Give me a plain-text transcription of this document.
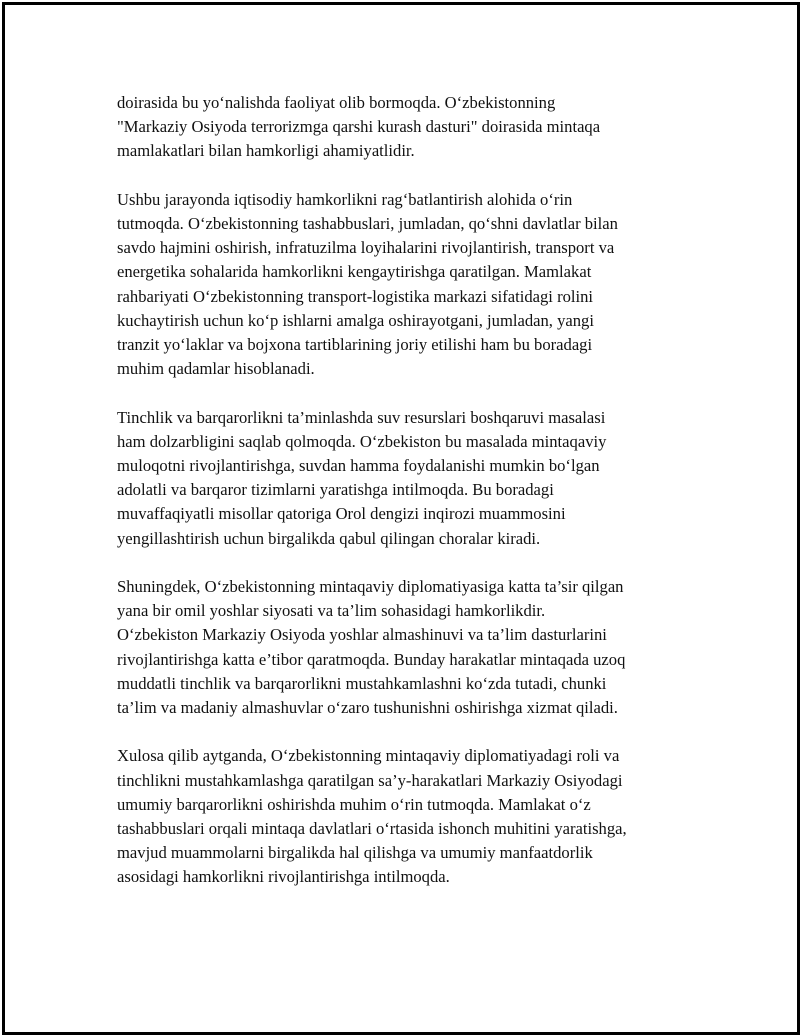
doirasida bu yo‘nalishda faoliyat olib bormoqda. O‘zbekistonning
"Markaziy Osiyoda terrorizmga qarshi kurash dasturi" doirasida mintaqa
mamlakatlari bilan hamkorligi ahamiyatlidir.

Ushbu jarayonda iqtisodiy hamkorlikni rag‘batlantirish alohida o‘rin
tutmoqda. O‘zbekistonning tashabbuslari, jumladan, qo‘shni davlatlar bilan
savdo hajmini oshirish, infratuzilma loyihalarini rivojlantirish, transport va
energetika sohalarida hamkorlikni kengaytirishga qaratilgan. Mamlakat
rahbariyati O‘zbekistonning transport-logistika markazi sifatidagi rolini
kuchaytirish uchun ko‘p ishlarni amalga oshirayotgani, jumladan, yangi
tranzit yo‘laklar va bojxona tartiblarining joriy etilishi ham bu boradagi
muhim qadamlar hisoblanadi.

Tinchlik va barqarorlikni ta’minlashda suv resurslari boshqaruvi masalasi
ham dolzarbligini saqlab qolmoqda. O‘zbekiston bu masalada mintaqaviy
muloqotni rivojlantirishga, suvdan hamma foydalanishi mumkin bo‘lgan
adolatli va barqaror tizimlarni yaratishga intilmoqda. Bu boradagi
muvaffaqiyatli misollar qatoriga Orol dengizi inqirozi muammosini
yengillashtirish uchun birgalikda qabul qilingan choralar kiradi.

Shuningdek, O‘zbekistonning mintaqaviy diplomatiyasiga katta ta’sir qilgan
yana bir omil yoshlar siyosati va ta’lim sohasidagi hamkorlikdir.
O‘zbekiston Markaziy Osiyoda yoshlar almashinuvi va ta’lim dasturlarini
rivojlantirishga katta e’tibor qaratmoqda. Bunday harakatlar mintaqada uzoq
muddatli tinchlik va barqarorlikni mustahkamlashni ko‘zda tutadi, chunki
ta’lim va madaniy almashuvlar o‘zaro tushunishni oshirishga xizmat qiladi.

Xulosa qilib aytganda, O‘zbekistonning mintaqaviy diplomatiyadagi roli va
tinchlikni mustahkamlashga qaratilgan sa’y-harakatlari Markaziy Osiyodagi
umumiy barqarorlikni oshirishda muhim o‘rin tutmoqda. Mamlakat o‘z
tashabbuslari orqali mintaqa davlatlari o‘rtasida ishonch muhitini yaratishga,
mavjud muammolarni birgalikda hal qilishga va umumiy manfaatdorlik
asosidagi hamkorlikni rivojlantirishga intilmoqda.
